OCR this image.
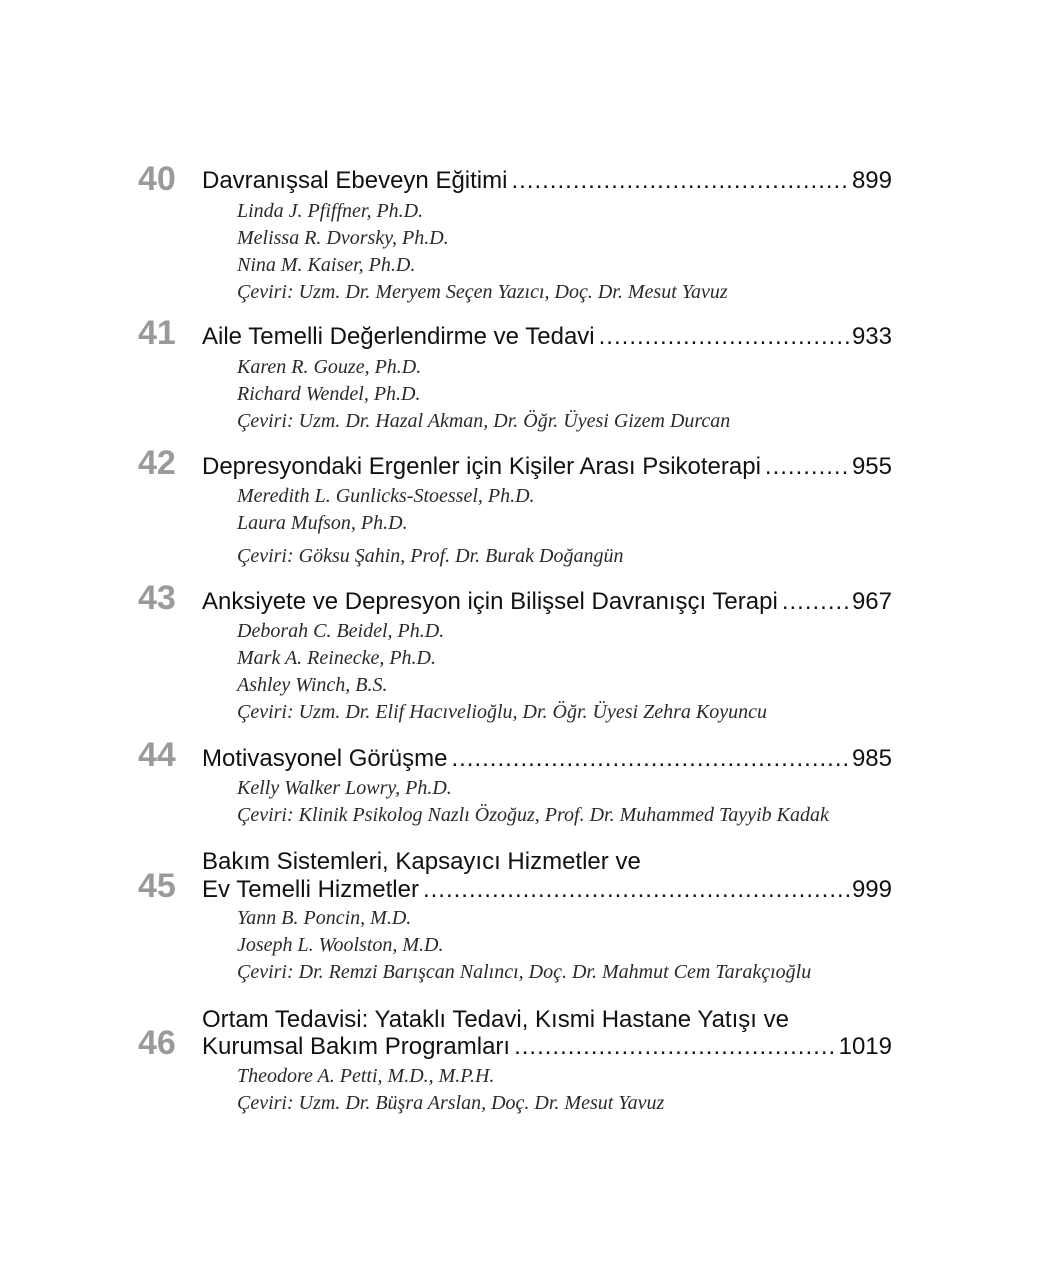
40	Davranışsal Ebeveyn Eğitimi .....	899
Linda J. Pfiffner, Ph.D.
Melissa R. Dvorsky, Ph.D.
Nina M. Kaiser, Ph.D.
Çeviri: Uzm. Dr. Meryem Seçen Yazıcı, Doç. Dr. Mesut Yavuz
41	Aile Temelli Değerlendirme ve Tedavi .....	933
Karen R. Gouze, Ph.D.
Richard Wendel, Ph.D.
Çeviri: Uzm. Dr. Hazal Akman, Dr. Öğr. Üyesi Gizem Durcan
42	Depresyondaki Ergenler için Kişiler Arası Psikoterapi .....	955
Meredith L. Gunlicks-Stoessel, Ph.D.
Laura Mufson, Ph.D.
Çeviri: Göksu Şahin, Prof. Dr. Burak Doğangün
43	Anksiyete ve Depresyon için Bilişsel Davranışçı Terapi .....	967
Deborah C. Beidel, Ph.D.
Mark A. Reinecke, Ph.D.
Ashley Winch, B.S.
Çeviri: Uzm. Dr. Elif Hacıvelioğlu, Dr. Öğr. Üyesi Zehra Koyuncu
44	Motivasyonel Görüşme .....	985
Kelly Walker Lowry, Ph.D.
Çeviri: Klinik Psikolog Nazlı Özoğuz, Prof. Dr. Muhammed Tayyib Kadak
Bakım Sistemleri, Kapsayıcı Hizmetler ve
45	Ev Temelli Hizmetler .....	999
Yann B. Poncin, M.D.
Joseph L. Woolston, M.D.
Çeviri: Dr. Remzi Barışcan Nalıncı, Doç. Dr. Mahmut Cem Tarakçıoğlu
Ortam Tedavisi: Yataklı Tedavi, Kısmi Hastane Yatışı ve
46	Kurumsal Bakım Programları .....	1019
Theodore A. Petti, M.D., M.P.H.
Çeviri: Uzm. Dr. Büşra Arslan, Doç. Dr. Mesut Yavuz
